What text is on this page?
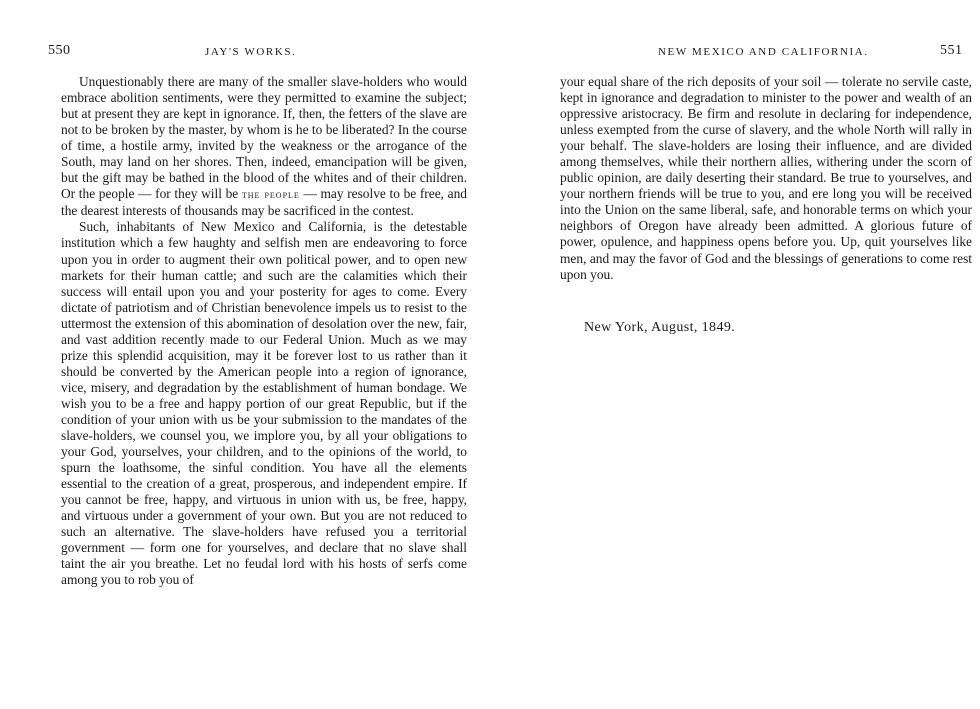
550	JAY'S WORKS.

Unquestionably there are many of the smaller slave-holders who would embrace abolition sentiments, were they permitted to examine the subject; but at present they are kept in ignorance. If, then, the fetters of the slave are not to be broken by the master, by whom is he to be liberated? In the course of time, a hostile army, invited by the weakness or the arrogance of the South, may land on her shores. Then, indeed, emancipation will be given, but the gift may be bathed in the blood of the whites and of their children. Or the people — for they will be the people — may resolve to be free, and the dearest interests of thousands may be sacrificed in the contest.

Such, inhabitants of New Mexico and California, is the detestable institution which a few haughty and selfish men are endeavoring to force upon you in order to augment their own political power, and to open new markets for their human cattle; and such are the calamities which their success will entail upon you and your posterity for ages to come. Every dictate of patriotism and of Christian benevolence impels us to resist to the uttermost the extension of this abomination of desolation over the new, fair, and vast addition recently made to our Federal Union. Much as we may prize this splendid acquisition, may it be forever lost to us rather than it should be converted by the American people into a region of ignorance, vice, misery, and degradation by the establishment of human bondage. We wish you to be a free and happy portion of our great Republic, but if the condition of your union with us be your submission to the mandates of the slave-holders, we counsel you, we implore you, by all your obligations to your God, yourselves, your children, and to the opinions of the world, to spurn the loathsome, the sinful condition. You have all the elements essential to the creation of a great, prosperous, and independent empire. If you cannot be free, happy, and virtuous in union with us, be free, happy, and virtuous under a government of your own. But you are not reduced to such an alternative. The slave-holders have refused you a territorial government — form one for yourselves, and declare that no slave shall taint the air you breathe. Let no feudal lord with his hosts of serfs come among you to rob you of

NEW MEXICO AND CALIFORNIA.	551

your equal share of the rich deposits of your soil — tolerate no servile caste, kept in ignorance and degradation to minister to the power and wealth of an oppressive aristocracy. Be firm and resolute in declaring for independence, unless exempted from the curse of slavery, and the whole North will rally in your behalf. The slave-holders are losing their influence, and are divided among themselves, while their northern allies, withering under the scorn of public opinion, are daily deserting their standard. Be true to yourselves, and your northern friends will be true to you, and ere long you will be received into the Union on the same liberal, safe, and honorable terms on which your neighbors of Oregon have already been admitted. A glorious future of power, opulence, and happiness opens before you. Up, quit yourselves like men, and may the favor of God and the blessings of generations to come rest upon you.

New York, August, 1849.
